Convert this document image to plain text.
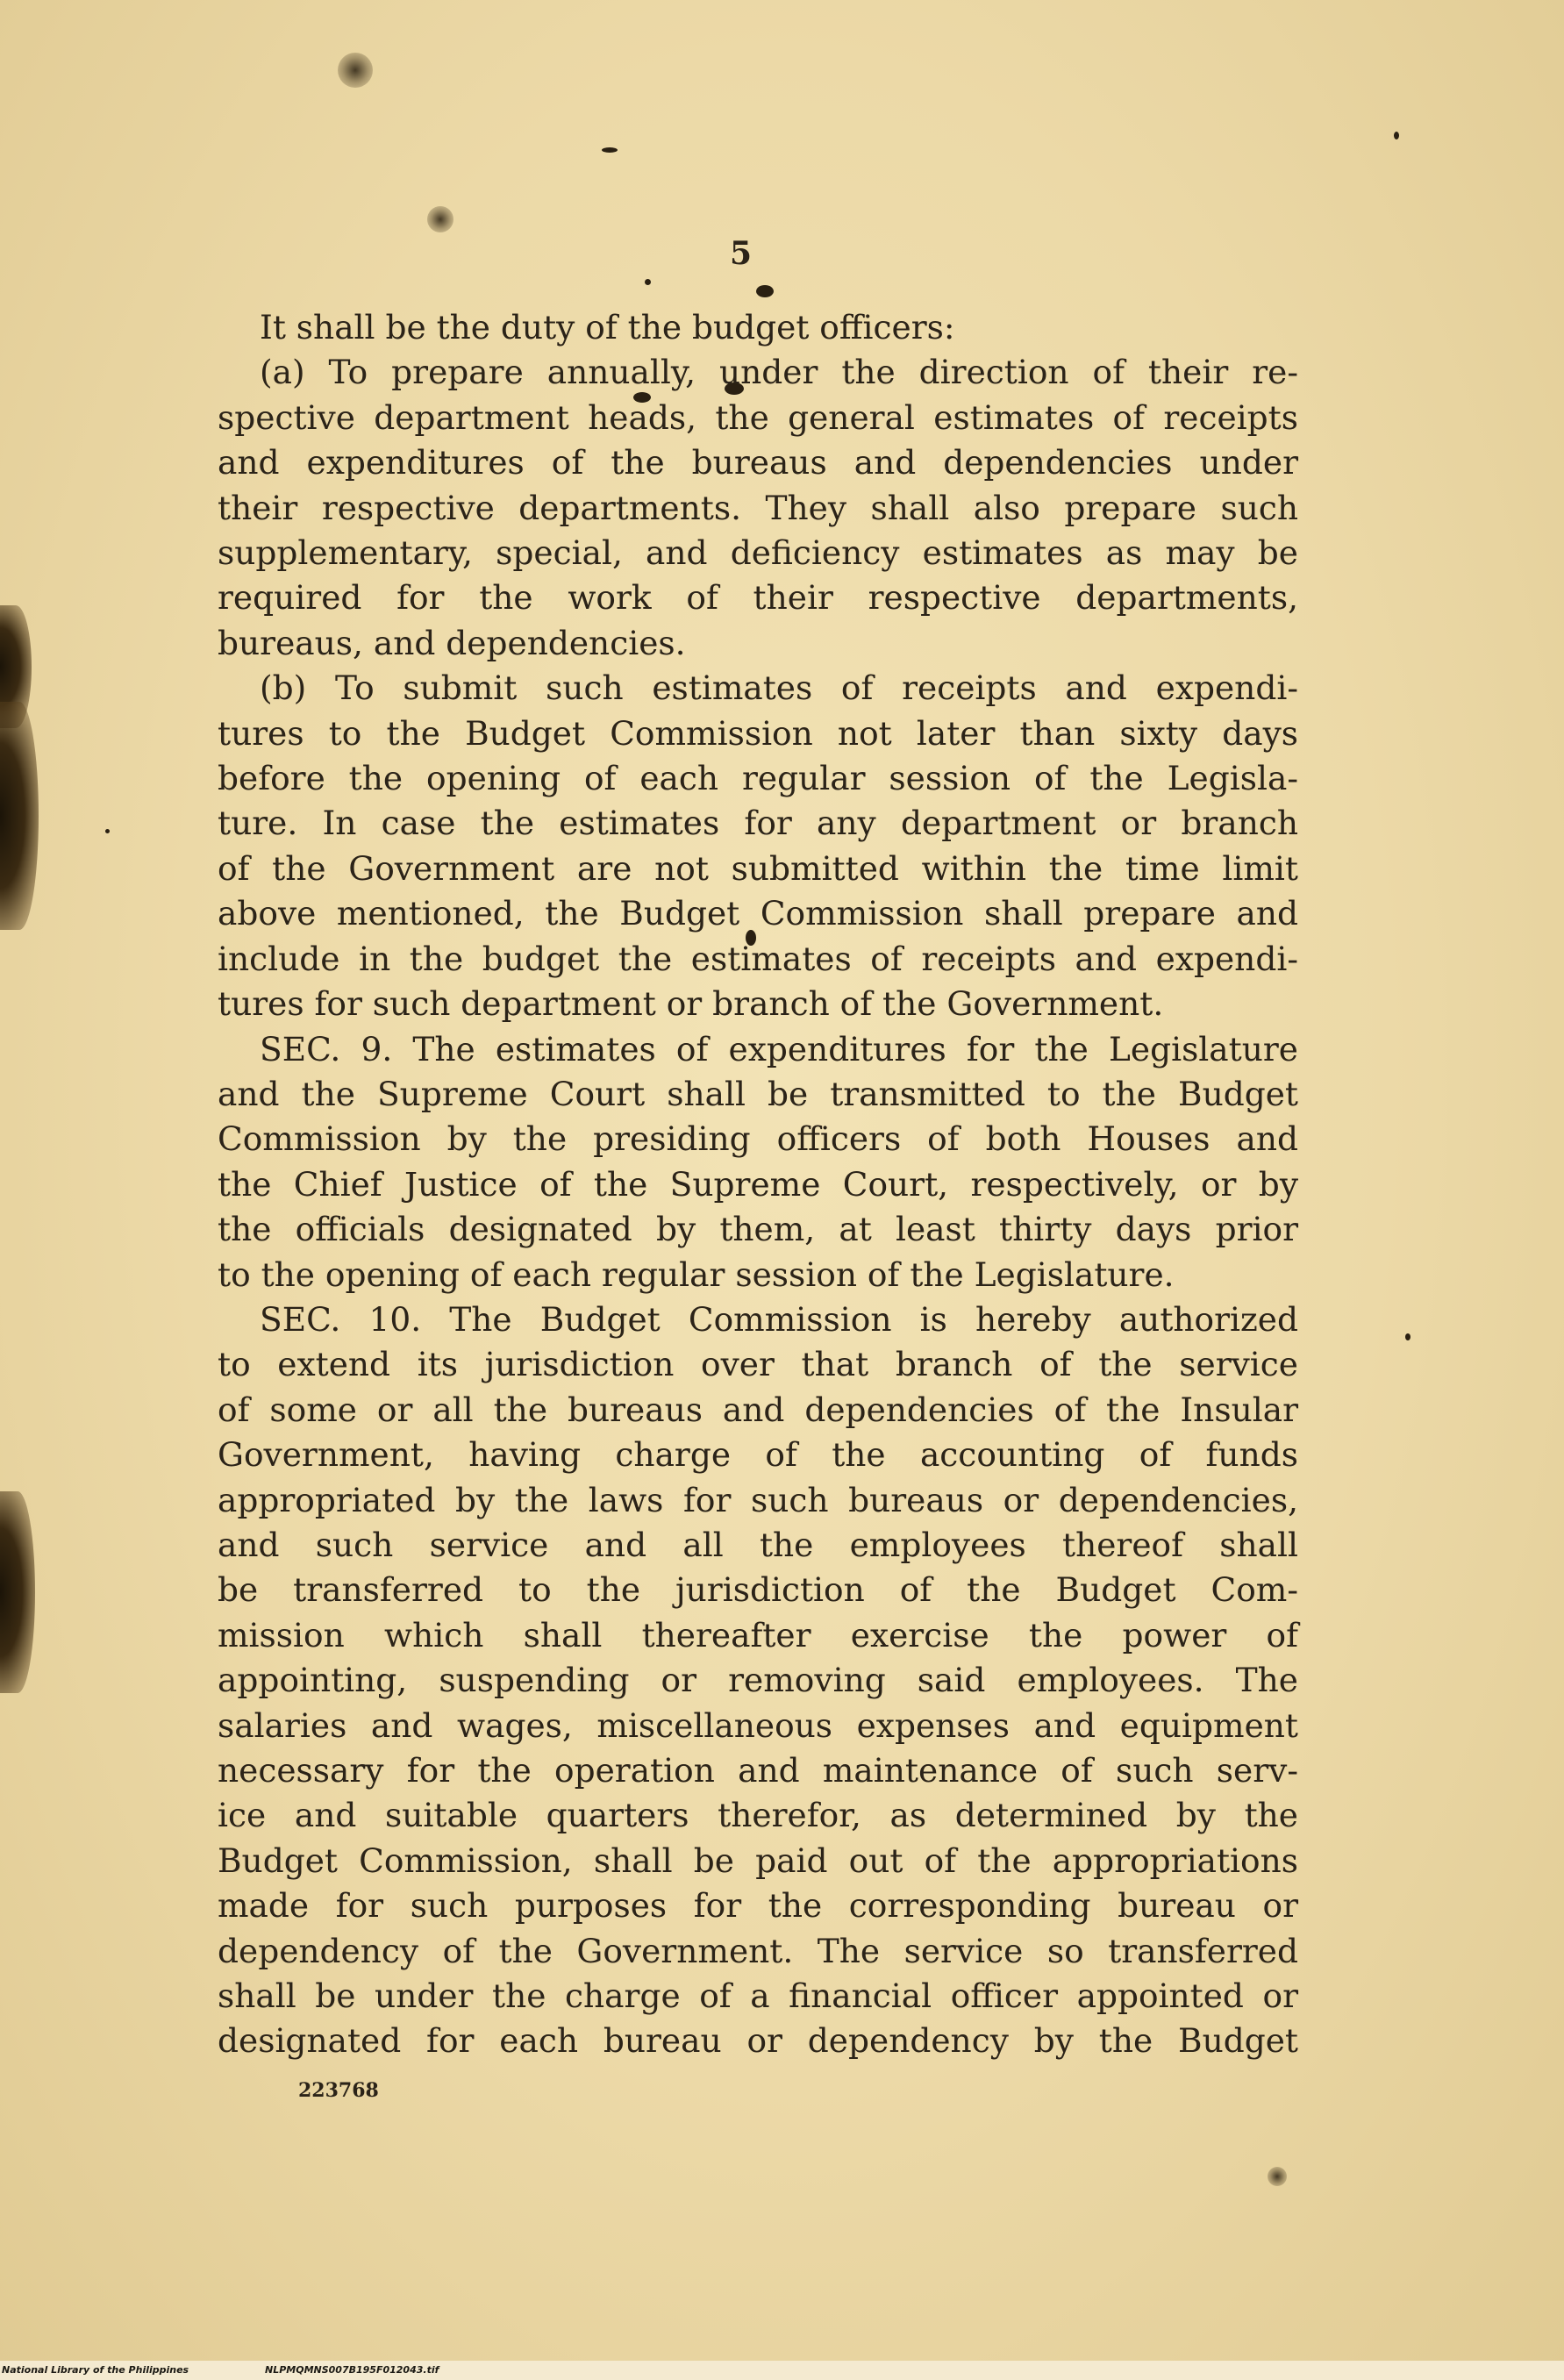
5
It shall be the duty of the budget officers:
(a) To prepare annually, under the direction of their re-
spective department heads, the general estimates of receipts
and expenditures of the bureaus and dependencies under
their respective departments. They shall also prepare such
supplementary, special, and deficiency estimates as may be
required for the work of their respective departments,
bureaus, and dependencies.
(b) To submit such estimates of receipts and expendi-
tures to the Budget Commission not later than sixty days
before the opening of each regular session of the Legisla-
ture. In case the estimates for any department or branch
of the Government are not submitted within the time limit
above mentioned, the Budget Commission shall prepare and
include in the budget the estimates of receipts and expendi-
tures for such department or branch of the Government.
SEC. 9. The estimates of expenditures for the Legislature
and the Supreme Court shall be transmitted to the Budget
Commission by the presiding officers of both Houses and
the Chief Justice of the Supreme Court, respectively, or by
the officials designated by them, at least thirty days prior
to the opening of each regular session of the Legislature.
SEC. 10. The Budget Commission is hereby authorized
to extend its jurisdiction over that branch of the service
of some or all the bureaus and dependencies of the Insular
Government, having charge of the accounting of funds
appropriated by the laws for such bureaus or dependencies,
and such service and all the employees thereof shall
be transferred to the jurisdiction of the Budget Com-
mission which shall thereafter exercise the power of
appointing, suspending or removing said employees. The
salaries and wages, miscellaneous expenses and equipment
necessary for the operation and maintenance of such serv-
ice and suitable quarters therefor, as determined by the
Budget Commission, shall be paid out of the appropriations
made for such purposes for the corresponding bureau or
dependency of the Government. The service so transferred
shall be under the charge of a financial officer appointed or
designated for each bureau or dependency by the Budget
223768
National Library of the Philippines	NLPMQMNS007B195F012043.tif
